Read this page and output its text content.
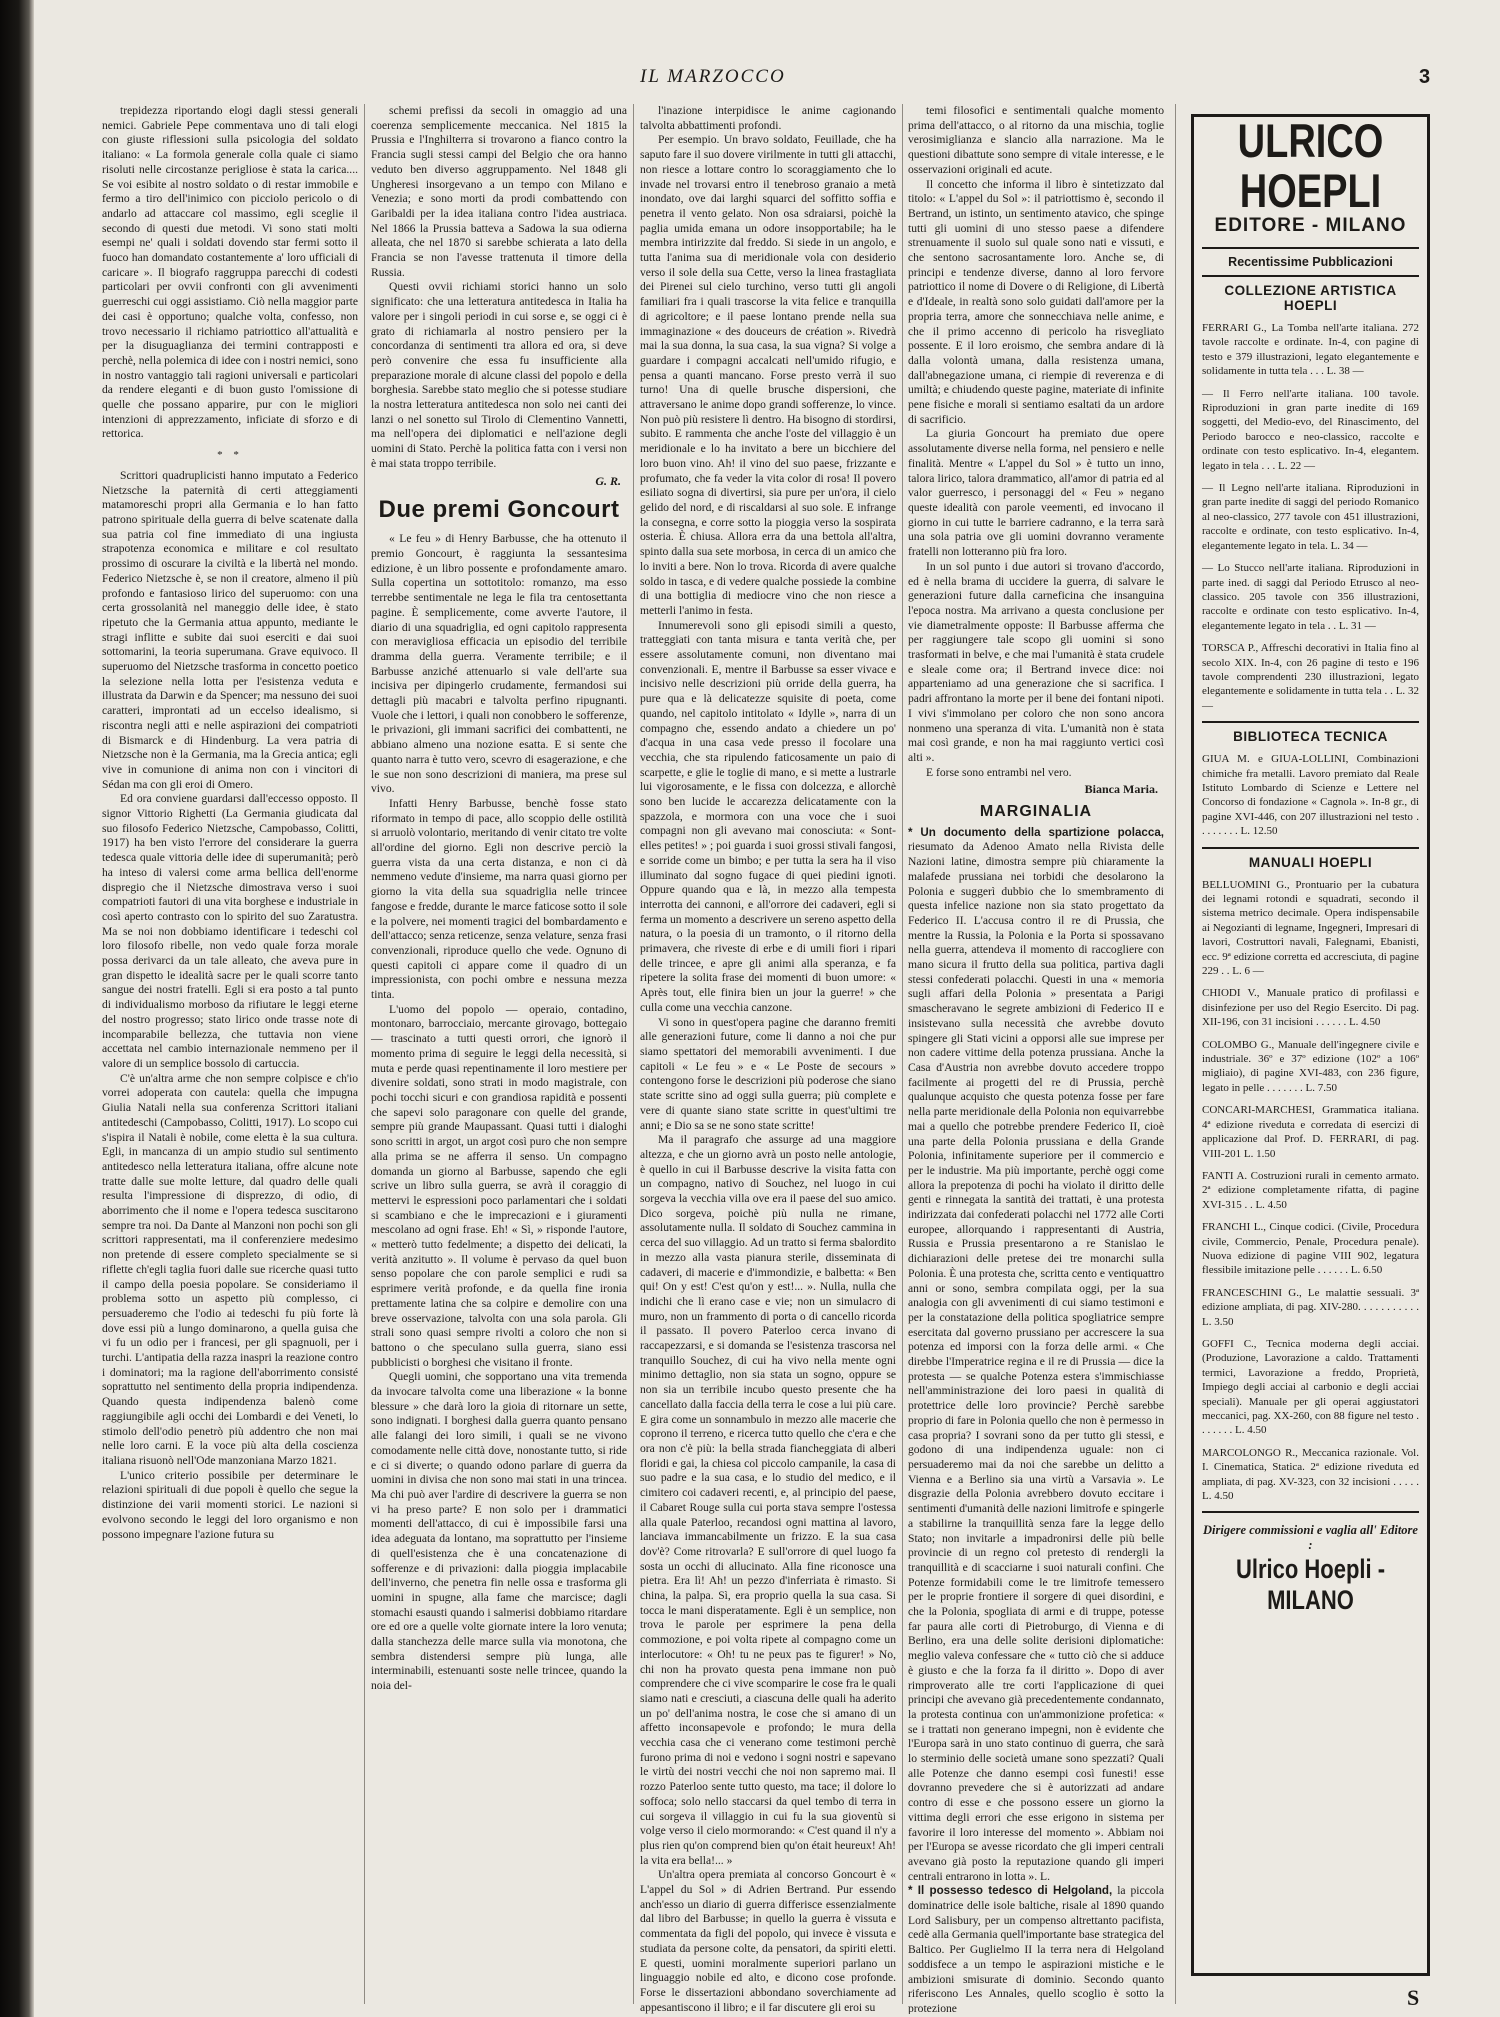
IL MARZOCCO	3

trepidezza riportando elogi dagli stessi generali nemici. Gabriele Pepe commentava uno di tali elogi con giuste riflessioni sulla psicologia del soldato italiano: « La formola generale colla quale ci siamo risoluti nelle circostanze perigliose è stata la carica.... Se voi esibite al nostro soldato o di restar immobile e fermo a tiro dell'inimico con picciolo pericolo o di andarlo ad attaccare col massimo, egli sceglie il secondo di questi due metodi. Vi sono stati molti esempi ne' quali i soldati dovendo star fermi sotto il fuoco han domandato costantemente a' loro ufficiali di caricare ». Il biografo raggruppa parecchi di codesti particolari per ovvii confronti con gli avvenimenti guerreschi cui oggi assistiamo. Ciò nella maggior parte dei casi è opportuno; qualche volta, confesso, non trovo necessario il richiamo patriottico all'attualità e per la disuguaglianza dei termini contrapposti e perchè, nella polemica di idee con i nostri nemici, sono in nostro vantaggio tali ragioni universali e particolari da rendere eleganti e di buon gusto l'omissione di quelle che possano apparire, pur con le migliori intenzioni di apprezzamento, inficiate di sforzo e di rettorica.

* *

Scrittori quadruplicisti hanno imputato a Federico Nietzsche la paternità di certi atteggiamenti matamoreschi propri alla Germania e lo han fatto patrono spirituale della guerra di belve scatenate dalla sua patria col fine immediato di una ingiusta strapotenza economica e militare e col resultato prossimo di oscurare la civiltà e la libertà nel mondo. Federico Nietzsche è, se non il creatore, almeno il più profondo e fantasioso lirico del superuomo: con una certa grossolanità nel maneggio delle idee, è stato ripetuto che la Germania attua appunto, mediante le stragi inflitte e subite dai suoi eserciti e dai suoi sottomarini, la teoria superumana. Grave equivoco. Il superuomo del Nietzsche trasforma in concetto poetico la selezione nella lotta per l'esistenza veduta e illustrata da Darwin e da Spencer; ma nessuno dei suoi caratteri, improntati ad un eccelso idealismo, si riscontra negli atti e nelle aspirazioni dei compatrioti di Bismarck e di Hindenburg. La vera patria di Nietzsche non è la Germania, ma la Grecia antica; egli vive in comunione di anima non con i vincitori di Sédan ma con gli eroi di Omero.

Ed ora conviene guardarsi dall'eccesso opposto. Il signor Vittorio Righetti (La Germania giudicata dal suo filosofo Federico Nietzsche, Campobasso, Colitti, 1917) ha ben visto l'errore del considerare la guerra tedesca quale vittoria delle idee di superumanità; però ha inteso di valersi come arma bellica dell'enorme dispregio che il Nietzsche dimostrava verso i suoi compatrioti fautori di una vita borghese e industriale in così aperto contrasto con lo spirito del suo Zaratustra. Ma se noi non dobbiamo identificare i tedeschi col loro filosofo ribelle, non vedo quale forza morale possa derivarci da un tale alleato, che aveva pure in gran dispetto le idealità sacre per le quali scorre tanto sangue dei nostri fratelli. Egli si era posto a tal punto di individualismo morboso da rifiutare le leggi eterne del nostro progresso; stato lirico onde trasse note di incomparabile bellezza, che tuttavia non viene accettata nel cambio internazionale nemmeno per il valore di un semplice bossolo di cartuccia.

C'è un'altra arme che non sempre colpisce e ch'io vorrei adoperata con cautela: quella che impugna Giulia Natali nella sua conferenza Scrittori italiani antitedeschi (Campobasso, Colitti, 1917). Lo scopo cui s'ispira il Natali è nobile, come eletta è la sua cultura. Egli, in mancanza di un ampio studio sul sentimento antitedesco nella letteratura italiana, offre alcune note tratte dalle sue molte letture, dal quadro delle quali resulta l'impressione di disprezzo, di odio, di aborrimento che il nome e l'opera tedesca suscitarono sempre tra noi. Da Dante al Manzoni non pochi son gli scrittori rappresentati, ma il conferenziere medesimo non pretende di essere completo specialmente se si riflette ch'egli taglia fuori dalle sue ricerche quasi tutto il campo della poesia popolare. Se consideriamo il problema sotto un aspetto più complesso, ci persuaderemo che l'odio ai tedeschi fu più forte là dove essi più a lungo dominarono, a quella guisa che vi fu un odio per i francesi, per gli spagnuoli, per i turchi. L'antipatia della razza inaspri la reazione contro i dominatori; ma la ragione dell'aborrimento consisté soprattutto nel sentimento della propria indipendenza. Quando questa indipendenza balenò come raggiungibile agli occhi dei Lombardi e dei Veneti, lo stimolo dell'odio penetrò più addentro che non mai nelle loro carni. E la voce più alta della coscienza italiana risuonò nell'Ode manzoniana Marzo 1821.

L'unico criterio possibile per determinare le relazioni spirituali di due popoli è quello che segue la distinzione dei varii momenti storici. Le nazioni si evolvono secondo le leggi del loro organismo e non possono impegnare l'azione futura su

schemi prefissi da secoli in omaggio ad una coerenza semplicemente meccanica. Nel 1815 la Prussia e l'Inghilterra si trovarono a fianco contro la Francia sugli stessi campi del Belgio che ora hanno veduto ben diverso aggruppamento. Nel 1848 gli Ungheresi insorgevano a un tempo con Milano e Venezia; e sono morti da prodi combattendo con Garibaldi per la idea italiana contro l'idea austriaca. Nel 1866 la Prussia batteva a Sadowa la sua odierna alleata, che nel 1870 si sarebbe schierata a lato della Francia se non l'avesse trattenuta il timore della Russia.

Questi ovvii richiami storici hanno un solo significato: che una letteratura antitedesca in Italia ha valore per i singoli periodi in cui sorse e, se oggi ci è grato di richiamarla al nostro pensiero per la concordanza di sentimenti tra allora ed ora, si deve però convenire che essa fu insufficiente alla preparazione morale di alcune classi del popolo e della borghesia. Sarebbe stato meglio che si potesse studiare la nostra letteratura antitedesca non solo nei canti dei lanzi o nel sonetto sul Tirolo di Clementino Vannetti, ma nell'opera dei diplomatici e nell'azione degli uomini di Stato. Perchè la politica fatta con i versi non è mai stata troppo terribile.

G. R.
Due premi Goncourt

« Le feu » di Henry Barbusse, che ha ottenuto il premio Goncourt, è raggiunta la sessantesima edizione, è un libro possente e profondamente amaro. Sulla copertina un sottotitolo: romanzo, ma esso terrebbe sentimentale ne lega le fila tra centosettanta pagine. È semplicemente, come avverte l'autore, il diario di una squadriglia, ed ogni capitolo rappresenta con meravigliosa efficacia un episodio del terribile dramma della guerra. Veramente terribile; e il Barbusse anziché attenuarlo si vale dell'arte sua incisiva per dipingerlo crudamente, fermandosi sui dettagli più macabri e talvolta perfino ripugnanti. Vuole che i lettori, i quali non conobbero le sofferenze, le privazioni, gli immani sacrifici dei combattenti, ne abbiano almeno una nozione esatta. E si sente che quanto narra è tutto vero, scevro di esagerazione, e che le sue non sono descrizioni di maniera, ma prese sul vivo.

Infatti Henry Barbusse, benchè fosse stato riformato in tempo di pace, allo scoppio delle ostilità si arruolò volontario, meritando di venir citato tre volte all'ordine del giorno. Egli non descrive perciò la guerra vista da una certa distanza, e non ci dà nemmeno vedute d'insieme, ma narra quasi giorno per giorno la vita della sua squadriglia nelle trincee fangose e fredde, durante le marce faticose sotto il sole e la polvere, nei momenti tragici del bombardamento e dell'attacco; senza reticenze, senza velature, senza frasi convenzionali, riproduce quello che vede. Ognuno di questi capitoli ci appare come il quadro di un impressionista, con pochi ombre e nessuna mezza tinta.

L'uomo del popolo — operaio, contadino, montonaro, barrocciaio, mercante girovago, bottegaio — trascinato a tutti questi orrori, che ignorò il momento prima di seguire le leggi della necessità, si muta e perde quasi repentinamente il loro mestiere per divenire soldati, sono strati in modo magistrale, con pochi tocchi sicuri e con grandiosa rapidità e possenti che sapevi solo paragonare con quelle del grande, sempre più grande Maupassant. Quasi tutti i dialoghi sono scritti in argot, un argot così puro che non sempre alla prima se ne afferra il senso. Un compagno domanda un giorno al Barbusse, sapendo che egli scrive un libro sulla guerra, se avrà il coraggio di mettervi le espressioni poco parlamentari che i soldati si scambiano e che le imprecazioni e i giuramenti mescolano ad ogni frase. Eh! « Sì, » risponde l'autore, « metterò tutto fedelmente; a dispetto dei delicati, la verità anzitutto ». Il volume è pervaso da quel buon senso popolare che con parole semplici e rudi sa esprimere verità profonde, e da quella fine ironia prettamente latina che sa colpire e demolire con una breve osservazione, talvolta con una sola parola. Gli strali sono quasi sempre rivolti a coloro che non si battono o che speculano sulla guerra, siano essi pubblicisti o borghesi che visitano il fronte.

Quegli uomini, che sopportano una vita tremenda da invocare talvolta come una liberazione « la bonne blessure » che darà loro la gioia di ritornare un sette, sono indignati. I borghesi dalla guerra quanto pensano alle falangi dei loro simili, i quali se ne vivono comodamente nelle città dove, nonostante tutto, si ride e ci si diverte; o quando odono parlare di guerra da uomini in divisa che non sono mai stati in una trincea. Ma chi può aver l'ardire di descrivere la guerra se non vi ha preso parte? E non solo per i drammatici momenti dell'attacco, di cui è impossibile farsi una idea adeguata da lontano, ma soprattutto per l'insieme di quell'esistenza che è una concatenazione di sofferenze e di privazioni: dalla pioggia implacabile dell'inverno, che penetra fin nelle ossa e trasforma gli uomini in spugne, alla fame che marcisce; dagli stomachi esausti quando i salmerisi dobbiamo ritardare ore ed ore a quelle volte giornate intere la loro venuta; dalla stanchezza delle marce sulla via monotona, che sembra distendersi sempre più lunga, alle interminabili, estenuanti soste nelle trincee, quando la noia del-

l'inazione interpidisce le anime cagionando talvolta abbattimenti profondi.

Per esempio. Un bravo soldato, Feuillade, che ha saputo fare il suo dovere virilmente in tutti gli attacchi, non riesce a lottare contro lo scoraggiamento che lo invade nel trovarsi entro il tenebroso granaio a metà inondato, ove dai larghi squarci del soffitto soffia e penetra il vento gelato. Non osa sdraiarsi, poichè la paglia umida emana un odore insopportabile; ha le membra intirizzite dal freddo. Si siede in un angolo, e tutta l'anima sua di meridionale vola con desiderio verso il sole della sua Cette, verso la linea frastagliata dei Pirenei sul cielo turchino, verso tutti gli angoli familiari fra i quali trascorse la vita felice e tranquilla di agricoltore; e il paese lontano prende nella sua immaginazione « des douceurs de création ». Rivedrà mai la sua donna, la sua casa, la sua vigna? Si volge a guardare i compagni accalcati nell'umido rifugio, e pensa a quanti mancano. Forse presto verrà il suo turno! Una di quelle brusche dispersioni, che attraversano le anime dopo grandi sofferenze, lo vince. Non può più resistere lì dentro. Ha bisogno di stordirsi, subito. E rammenta che anche l'oste del villaggio è un meridionale e lo ha invitato a bere un bicchiere del loro buon vino. Ah! il vino del suo paese, frizzante e profumato, che fa veder la vita color di rosa! Il povero esiliato sogna di divertirsi, sia pure per un'ora, il cielo gelido del nord, e di riscaldarsi al suo sole. E infrange la consegna, e corre sotto la pioggia verso la sospirata osteria. È chiusa. Allora erra da una bettola all'altra, spinto dalla sua sete morbosa, in cerca di un amico che lo inviti a bere. Non lo trova. Ricorda di avere qualche soldo in tasca, e di vedere qualche possiede la combine di una bottiglia di mediocre vino che non riesce a metterli l'animo in festa.

Innumerevoli sono gli episodi simili a questo, tratteggiati con tanta misura e tanta verità che, per essere assolutamente comuni, non diventano mai convenzionali. E, mentre il Barbusse sa esser vivace e incisivo nelle descrizioni più orride della guerra, ha pure qua e là delicatezze squisite di poeta, come quando, nel capitolo intitolato « Idylle », narra di un compagno che, essendo andato a chiedere un po' d'acqua in una casa vede presso il focolare una vecchia, che sta ripulendo faticosamente un paio di scarpette, e glie le toglie di mano, e si mette a lustrarle lui vigorosamente, e le fissa con dolcezza, e allorchè sono ben lucide le accarezza delicatamente con la spazzola, e mormora con una voce che i suoi compagni non gli avevano mai conosciuta: « Sont-elles petites! » ; poi guarda i suoi grossi stivali fangosi, e sorride come un bimbo; e per tutta la sera ha il viso illuminato dal sogno fugace di quei piedini ignoti. Oppure quando qua e là, in mezzo alla tempesta interrotta dei cannoni, e all'orrore dei cadaveri, egli si ferma un momento a descrivere un sereno aspetto della natura, o la poesia di un tramonto, o il ritorno della primavera, che riveste di erbe e di umili fiori i ripari delle trincee, e apre gli animi alla speranza, e fa ripetere la solita frase dei momenti di buon umore: « Après tout, elle finira bien un jour la guerre! » che culla come una vecchia canzone.

Vi sono in quest'opera pagine che daranno fremiti alle generazioni future, come li danno a noi che pur siamo spettatori del memorabili avvenimenti. I due capitoli « Le feu » e « Le Poste de secours » contengono forse le descrizioni più poderose che siano state scritte sino ad oggi sulla guerra; più complete e vere di quante siano state scritte in quest'ultimi tre anni; e Dio sa se ne sono state scritte!

Ma il paragrafo che assurge ad una maggiore altezza, e che un giorno avrà un posto nelle antologie, è quello in cui il Barbusse descrive la visita fatta con un compagno, nativo di Souchez, nel luogo in cui sorgeva la vecchia villa ove era il paese del suo amico. Dico sorgeva, poichè più nulla ne rimane, assolutamente nulla. Il soldato di Souchez cammina in cerca del suo villaggio. Ad un tratto si ferma sbalordito in mezzo alla vasta pianura sterile, disseminata di cadaveri, di macerie e d'immondizie, e balbetta: « Ben qui! On y est! C'est qu'on y est!... ». Nulla, nulla che indichi che lì erano case e vie; non un simulacro di muro, non un frammento di porta o di cancello ricorda il passato. Il povero Paterloo cerca invano di raccapezzarsi, e si domanda se l'esistenza trascorsa nel tranquillo Souchez, di cui ha vivo nella mente ogni minimo dettaglio, non sia stata un sogno, oppure se non sia un terribile incubo questo presente che ha cancellato dalla faccia della terra le cose a lui più care. E gira come un sonnambulo in mezzo alle macerie che coprono il terreno, e ricerca tutto quello che c'era e che ora non c'è più: la bella strada fiancheggiata di alberi floridi e gai, la chiesa col piccolo campanile, la casa di suo padre e la sua casa, e lo studio del medico, e il cimitero coi cadaveri recenti, e, al principio del paese, il Cabaret Rouge sulla cui porta stava sempre l'ostessa alla quale Paterloo, recandosi ogni mattina al lavoro, lanciava immancabilmente un frizzo. E la sua casa dov'è? Come ritrovarla? E sull'orrore di quel luogo fa sosta un occhi di allucinato. Alla fine riconosce una pietra. Era lì! Ah! un pezzo d'inferriata è rimasto. Si china, la palpa. Sì, era proprio quella la sua casa. Si tocca le mani disperatamente. Egli è un semplice, non trova le parole per esprimere la pena della commozione, e poi volta ripete al compagno come un interlocutore: « Oh! tu ne peux pas te figurer! » No, chi non ha provato questa pena immane non può comprendere che ci vive scomparire le cose fra le quali siamo nati e cresciuti, a ciascuna delle quali ha aderito un po' dell'anima nostra, le cose che si amano di un affetto inconsapevole e profondo; le mura della vecchia casa che ci venerano come testimoni perchè furono prima di noi e vedono i sogni nostri e sapevano le virtù dei nostri vecchi che noi non sapremo mai. Il rozzo Paterloo sente tutto questo, ma tace; il dolore lo soffoca; solo nello staccarsi da quel tembo di terra in cui sorgeva il villaggio in cui fu la sua gioventù si volge verso il cielo mormorando: « C'est quand il n'y a plus rien qu'on comprend bien qu'on était heureux! Ah! la vita era bella!... »

Un'altra opera premiata al concorso Goncourt è « L'appel du Sol » di Adrien Bertrand. Pur essendo anch'esso un diario di guerra differisce essenzialmente dal libro del Barbusse; in quello la guerra è vissuta e commentata da figli del popolo, qui invece è vissuta e studiata da persone colte, da pensatori, da spiriti eletti. E questi, uomini moralmente superiori parlano un linguaggio nobile ed alto, e dicono cose profonde. Forse le dissertazioni abbondano soverchiamente ad appesantiscono il libro; e il far discutere gli eroi su

temi filosofici e sentimentali qualche momento prima dell'attacco, o al ritorno da una mischia, toglie verosimiglianza e slancio alla narrazione. Ma le questioni dibattute sono sempre di vitale interesse, e le osservazioni originali ed acute.

Il concetto che informa il libro è sintetizzato dal titolo: « L'appel du Sol »: il patriottismo è, secondo il Bertrand, un istinto, un sentimento atavico, che spinge tutti gli uomini di uno stesso paese a difendere strenuamente il suolo sul quale sono nati e vissuti, e che sentono sacrosantamente loro. Anche se, di principi e tendenze diverse, danno al loro fervore patriottico il nome di Dovere o di Religione, di Libertà e d'Ideale, in realtà sono solo guidati dall'amore per la propria terra, amore che sonnecchiava nelle anime, e che il primo accenno di pericolo ha risvegliato possente. E il loro eroismo, che sembra andare di là dalla volontà umana, dalla resistenza umana, dall'abnegazione umana, ci riempie di reverenza e di umiltà; e chiudendo queste pagine, materiate di infinite pene fisiche e morali si sentiamo esaltati da un ardore di sacrificio.

La giuria Goncourt ha premiato due opere assolutamente diverse nella forma, nel pensiero e nelle finalità. Mentre « L'appel du Sol » è tutto un inno, talora lirico, talora drammatico, all'amor di patria ed al valor guerresco, i personaggi del « Feu » negano queste idealità con parole veementi, ed invocano il giorno in cui tutte le barriere cadranno, e la terra sarà una sola patria ove gli uomini dovranno veramente fratelli non lotteranno più fra loro.

In un sol punto i due autori si trovano d'accordo, ed è nella brama di uccidere la guerra, di salvare le generazioni future dalla carneficina che insanguina l'epoca nostra. Ma arrivano a questa conclusione per vie diametralmente opposte: Il Barbusse afferma che per raggiungere tale scopo gli uomini si sono trasformati in belve, e che mai l'umanità è stata crudele e sleale come ora; il Bertrand invece dice: noi apparteniamo ad una generazione che si sacrifica. I padri affrontano la morte per il bene dei fontani nipoti. I vivi s'immolano per coloro che non sono ancora nonmeno una speranza di vita. L'umanità non è stata mai così grande, e non ha mai raggiunto vertici così alti ».

E forse sono entrambi nel vero.

Bianca Maria.
MARGINALIA

* Un documento della spartizione polacca, riesumato da Adenoo Amato nella Rivista delle Nazioni latine, dimostra sempre più chiaramente la malafede prussiana nei torbidi che desolarono la Polonia e suggerì dubbio che lo smembramento di questa infelice nazione non sia stato progettato da Federico II. L'accusa contro il re di Prussia, che mentre la Russia, la Polonia e la Porta si spossavano nella guerra, attendeva il momento di raccogliere con mano sicura il frutto della sua politica, partiva dagli stessi confederati polacchi. Questi in una « memoria sugli affari della Polonia » presentata a Parigi smascheravano le segrete ambizioni di Federico II e insistevano sulla necessità che avrebbe dovuto spingere gli Stati vicini a opporsi alle sue imprese per non cadere vittime della potenza prussiana. Anche la Casa d'Austria non avrebbe dovuto accedere troppo facilmente ai progetti del re di Prussia, perchè qualunque acquisto che questa potenza fosse per fare nella parte meridionale della Polonia non equivarrebbe mai a quello che potrebbe prendere Federico II, cioè una parte della Polonia prussiana e della Grande Polonia, infinitamente superiore per il commercio e per le industrie. Ma più importante, perchè oggi come allora la prepotenza di pochi ha violato il diritto delle genti e rinnegata la santità dei trattati, è una protesta indirizzata dai confederati polacchi nel 1772 alle Corti europee, allorquando i rappresentanti di Austria, Russia e Prussia presentarono a re Stanislao le dichiarazioni delle pretese dei tre monarchi sulla Polonia. È una protesta che, scritta cento e ventiquattro anni or sono, sembra compilata oggi, per la sua analogia con gli avvenimenti di cui siamo testimoni e per la constatazione della politica spogliatrice sempre esercitata dal governo prussiano per accrescere la sua potenza ed imporsi con la forza delle armi. « Che direbbe l'Imperatrice regina e il re di Prussia — dice la protesta — se qualche Potenza estera s'immischiasse nell'amministrazione dei loro paesi in qualità di protettrice delle loro provincie? Perchè sarebbe proprio di fare in Polonia quello che non è permesso in casa propria? I sovrani sono da per tutto gli stessi, e godono di una indipendenza uguale: non ci persuaderemo mai da noi che sarebbe un delitto a Vienna e a Berlino sia una virtù a Varsavia ». Le disgrazie della Polonia avrebbero dovuto eccitare i sentimenti d'umanità delle nazioni limitrofe e spingerle a stabilirne la tranquillità senza fare la legge dello Stato; non invitarle a impadronirsi delle più belle provincie di un regno col pretesto di rendergli la tranquillità e di scacciarne i suoi naturali confini. Che Potenze formidabili come le tre limitrofe temessero per le proprie frontiere il sorgere di quei disordini, e che la Polonia, spogliata di armi e di truppe, potesse far paura alle corti di Pietroburgo, di Vienna e di Berlino, era una delle solite derisioni diplomatiche: meglio valeva confessare che « tutto ciò che si adduce è giusto e che la forza fa il diritto ». Dopo di aver rimproverato alle tre corti l'applicazione di quei principi che avevano già precedentemente condannato, la protesta continua con un'ammonizione profetica: « se i trattati non generano impegni, non è evidente che l'Europa sarà in uno stato continuo di guerra, che sarà lo sterminio delle società umane sono spezzati? Quali alle Potenze che danno esempi così funesti! esse dovranno prevedere che si è autorizzati ad andare contro di esse e che possono essere un giorno la vittima degli errori che esse erigono in sistema per favorire il loro interesse del momento ». Abbiam noi per l'Europa se avesse ricordato che gli imperi centrali avevano già posto la reputazione quando gli imperi centrali entrarono in lotta ». L.

* Il possesso tedesco di Helgoland, la piccola dominatrice delle isole baltiche, risale al 1890 quando Lord Salisbury, per un compenso altrettanto pacifista, cedè alla Germania quell'importante base strategica del Baltico. Per Guglielmo II la terra nera di Helgoland soddisfece a un tempo le aspirazioni mistiche e le ambizioni smisurate di dominio. Secondo quanto riferiscono Les Annales, quello scoglio è sotto la protezione

ULRICO HOEPLI
EDITORE - MILANO
Recentissime Pubblicazioni
COLLEZIONE ARTISTICA HOEPLI
FERRARI G., La Tomba nell'arte italiana. 272 tavole raccolte e ordinate. In-4, con pagine di testo e 379 illustrazioni, legato elegantemente e solidamente in tutta tela . . . L. 38 —
— Il Ferro nell'arte italiana. 100 tavole. Riproduzioni in gran parte inedite di 169 soggetti, del Medio-evo, del Rinascimento, del Periodo barocco e neo-classico, raccolte e ordinate con testo esplicativo. In-4, elegantem. legato in tela . . . L. 22 —
— Il Legno nell'arte italiana. Riproduzioni in gran parte inedite di saggi del periodo Romanico al neo-classico, 277 tavole con 451 illustrazioni, raccolte e ordinate, con testo esplicativo. In-4, elegantemente legato in tela. L. 34 —
— Lo Stucco nell'arte italiana. Riproduzioni in parte ined. di saggi dal Periodo Etrusco al neo-classico. 205 tavole con 356 illustrazioni, raccolte e ordinate con testo esplicativo. In-4, elegantemente legato in tela . . L. 31 —
TORSCA P., Affreschi decorativi in Italia fino al secolo XIX. In-4, con 26 pagine di testo e 196 tavole comprendenti 230 illustrazioni, legato elegantemente e solidamente in tutta tela . . L. 32 —
BIBLIOTECA TECNICA
GIUA M. e GIUA-LOLLINI, Combinazioni chimiche fra metalli. Lavoro premiato dal Reale Istituto Lombardo di Scienze e Lettere nel Concorso di fondazione « Cagnola ». In-8 gr., di pagine XVI-446, con 207 illustrazioni nel testo . . . . . . . . L. 12.50
MANUALI HOEPLI
BELLUOMINI G., Prontuario per la cubatura dei legnami rotondi e squadrati, secondo il sistema metrico decimale. Opera indispensabile ai Negozianti di legname, Ingegneri, Impresari di lavori, Costruttori navali, Falegnami, Ebanisti, ecc. 9ª edizione corretta ed accresciuta, di pagine 229 . . L. 6 —
CHIODI V., Manuale pratico di profilassi e disinfezione per uso del Regio Esercito. Di pag. XII-196, con 31 incisioni . . . . . . L. 4.50
COLOMBO G., Manuale dell'ingegnere civile e industriale. 36º e 37º edizione (102º a 106º migliaio), di pagine XVI-483, con 236 figure, legato in pelle . . . . . . . L. 7.50
CONCARI-MARCHESI, Grammatica italiana. 4ª edizione riveduta e corredata di esercizi di applicazione dal Prof. D. FERRARI, di pag. VIII-201 L. 1.50
FANTI A. Costruzioni rurali in cemento armato. 2ª edizione completamente rifatta, di pagine XVI-315 . . L. 4.50
FRANCHI L., Cinque codici. (Civile, Procedura civile, Commercio, Penale, Procedura penale). Nuova edizione di pagine VIII 902, legatura flessibile imitazione pelle . . . . . . L. 6.50
FRANCESCHINI G., Le malattie sessuali. 3ª edizione ampliata, di pag. XIV-280. . . . . . . . . . . L. 3.50
GOFFI C., Tecnica moderna degli acciai. (Produzione, Lavorazione a caldo. Trattamenti termici, Lavorazione a freddo, Proprietà, Impiego degli acciai al carbonio e degli acciai speciali). Manuale per gli operai aggiustatori meccanici, pag. XX-260, con 88 figure nel testo . . . . . . . L. 4.50
MARCOLONGO R., Meccanica razionale. Vol. I. Cinematica, Statica. 2ª edizione riveduta ed ampliata, di pag. XV-323, con 32 incisioni . . . . . L. 4.50
Dirigere commissioni e vaglia all' Editore :
Ulrico Hoepli - MILANO
S
